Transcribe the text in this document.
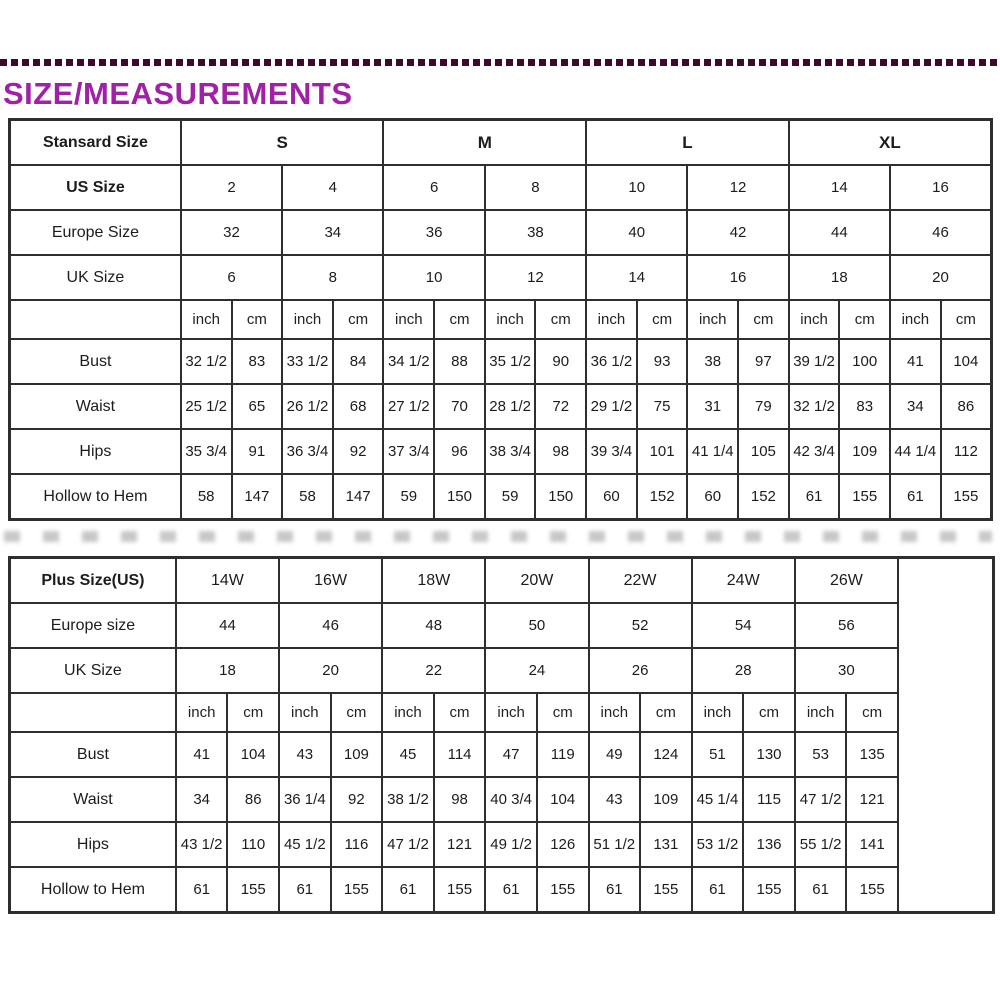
SIZE/MEASUREMENTS
Stansard Size	S				M				L				XL			
US Size	2		4		6		8		10		12		14		16	
Europe Size	32		34		36		38		40		42		44		46	
UK Size	6		8		10		12		14		16		18		20	
	inch	cm	inch	cm	inch	cm	inch	cm	inch	cm	inch	cm	inch	cm	inch	cm
Bust	32 1/2	83	33 1/2	84	34 1/2	88	35 1/2	90	36 1/2	93	38	97	39 1/2	100	41	104
Waist	25 1/2	65	26 1/2	68	27 1/2	70	28 1/2	72	29 1/2	75	31	79	32 1/2	83	34	86
Hips	35 3/4	91	36 3/4	92	37 3/4	96	38 3/4	98	39 3/4	101	41 1/4	105	42 3/4	109	44 1/4	112
Hollow to Hem	58	147	58	147	59	150	59	150	60	152	60	152	61	155	61	155
Plus Size(US)	14W		16W		18W		20W		22W		24W		26W		
Europe size	44		46		48		50		52		54		56		
UK Size	18		20		22		24		26		28		30		
	inch	cm	inch	cm	inch	cm	inch	cm	inch	cm	inch	cm	inch	cm	
Bust	41	104	43	109	45	114	47	119	49	124	51	130	53	135	
Waist	34	86	36 1/4	92	38 1/2	98	40 3/4	104	43	109	45 1/4	115	47 1/2	121	
Hips	43 1/2	110	45 1/2	116	47 1/2	121	49 1/2	126	51 1/2	131	53 1/2	136	55 1/2	141	
Hollow to Hem	61	155	61	155	61	155	61	155	61	155	61	155	61	155	
